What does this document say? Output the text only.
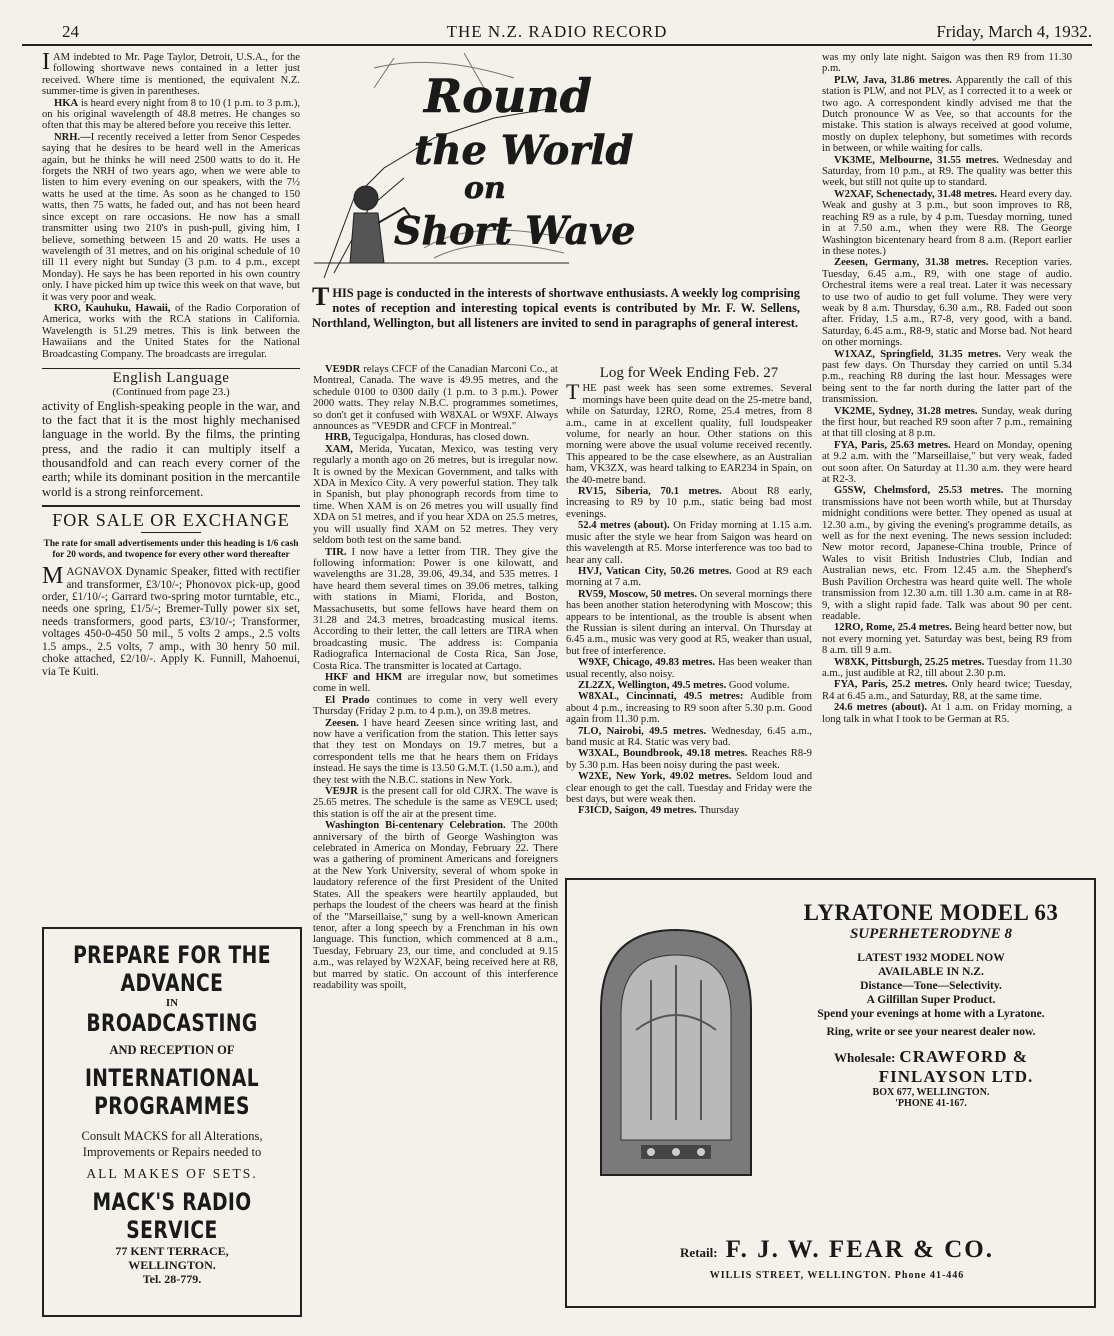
24	THE N.Z. RADIO RECORD	Friday, March 4, 1932.

IAM indebted to Mr. Page Taylor, Detroit, U.S.A., for the following shortwave news contained in a letter just received. Where time is mentioned, the equivalent N.Z. summer-time is given in parentheses.

HKA is heard every night from 8 to 10 (1 p.m. to 3 p.m.), on his original wavelength of 48.8 metres. He changes so often that this may be altered before you receive this letter.

NRH.—I recently received a letter from Senor Cespedes saying that he desires to be heard well in the Americas again, but he thinks he will need 2500 watts to do it. He forgets the NRH of two years ago, when we were able to listen to him every evening on our speakers, with the 7½ watts he used at the time. As soon as he changed to 150 watts, then 75 watts, he faded out, and has not been heard since except on rare occasions. He now has a small transmitter using two 210's in push-pull, giving him, I believe, something between 15 and 20 watts. He uses a wavelength of 31 metres, and on his original schedule of 10 till 11 every night but Sunday (3 p.m. to 4 p.m., except Monday). He says he has been reported in his own country only. I have picked him up twice this week on that wave, but it was very poor and weak.

KRO, Kauhuku, Hawaii, of the Radio Corporation of America, works with the RCA stations in California. Wavelength is 51.29 metres. This is link between the Hawaiians and the United States for the National Broadcasting Company. The broadcasts are irregular.

English Language
(Continued from page 23.)

activity of English-speaking people in the war, and to the fact that it is the most highly mechanised language in the world. By the films, the printing press, and the radio it can multiply itself a thousandfold and can reach every corner of the earth; while its dominant position in the mercantile world is a strong reinforcement.

FOR SALE OR EXCHANGE
The rate for small advertisements under this heading is 1/6 cash for 20 words, and twopence for every other word thereafter

MAGNAVOX Dynamic Speaker, fitted with rectifier and transformer, £3/10/-; Phonovox pick-up, good order, £1/10/-; Garrard two-spring motor turntable, etc., needs one spring, £1/5/-; Bremer-Tully power six set, needs transformers, good parts, £3/10/-; Transformer, voltages 450-0-450 50 mil., 5 volts 2 amps., 2.5 volts 1.5 amps., 2.5 volts, 7 amp., with 30 henry 50 mil. choke attached, £2/10/-. Apply K. Funnill, Mahoenui, via Te Kuiti.

PREPARE FOR THE
ADVANCE
IN
BROADCASTING
AND RECEPTION OF
INTERNATIONAL
PROGRAMMES
Consult MACKS for all Alterations, Improvements or Repairs needed to
ALL MAKES OF SETS.
MACK'S RADIO SERVICE
77 KENT TERRACE,
WELLINGTON.
Tel. 28-779.
Round
the World
on
Short Wave
THIS page is conducted in the interests of shortwave enthusiasts. A weekly log comprising notes of reception and interesting topical events is contributed by Mr. F. W. Sellens, Northland, Wellington, but all listeners are invited to send in paragraphs of general interest.

VE9DR relays CFCF of the Canadian Marconi Co., at Montreal, Canada. The wave is 49.95 metres, and the schedule 0100 to 0300 daily (1 p.m. to 3 p.m.). Power 2000 watts. They relay N.B.C. programmes sometimes, so don't get it confused with W8XAL or W9XF. Always announces as "VE9DR and CFCF in Montreal."

HRB, Tegucigalpa, Honduras, has closed down.

XAM, Merida, Yucatan, Mexico, was testing very regularly a month ago on 26 metres, but is irregular now. It is owned by the Mexican Government, and talks with XDA in Mexico City. A very powerful station. They talk in Spanish, but play phonograph records from time to time. When XAM is on 26 metres you will usually find XDA on 51 metres, and if you hear XDA on 25.5 metres, you will usually find XAM on 52 metres. They very seldom both test on the same band.

TIR. I now have a letter from TIR. They give the following information: Power is one kilowatt, and wavelengths are 31.28, 39.06, 49.34, and 535 metres. I have heard them several times on 39.06 metres, talking with stations in Miami, Florida, and Boston, Massachusetts, but some fellows have heard them on 31.28 and 24.3 metres, broadcasting musical items. According to their letter, the call letters are TIRA when broadcasting music. The address is: Compania Radiografica Internacional de Costa Rica, San Jose, Costa Rica. The transmitter is located at Cartago.

HKF and HKM are irregular now, but sometimes come in well.

El Prado continues to come in very well every Thursday (Friday 2 p.m. to 4 p.m.), on 39.8 metres.

Zeesen. I have heard Zeesen since writing last, and now have a verification from the station. This letter says that they test on Mondays on 19.7 metres, but a correspondent tells me that he hears them on Fridays instead. He says the time is 13.50 G.M.T. (1.50 a.m.), and they test with the N.B.C. stations in New York.

VE9JR is the present call for old CJRX. The wave is 25.65 metres. The schedule is the same as VE9CL used; this station is off the air at the present time.

Washington Bi-centenary Celebration. The 200th anniversary of the birth of George Washington was celebrated in America on Monday, February 22. There was a gathering of prominent Americans and foreigners at the New York University, several of whom spoke in laudatory reference of the first President of the United States. All the speakers were heartily applauded, but perhaps the loudest of the cheers was heard at the finish of the "Marseillaise," sung by a well-known American tenor, after a long speech by a Frenchman in his own language. This function, which commenced at 8 a.m., Tuesday, February 23, our time, and concluded at 9.15 a.m., was relayed by W2XAF, being received here at R8, but marred by static. On account of this interference readability was spoilt,

Log for Week Ending Feb. 27

THE past week has seen some extremes. Several mornings have been quite dead on the 25-metre band, while on Saturday, 12RO, Rome, 25.4 metres, from 8 a.m., came in at excellent quality, full loudspeaker volume, for nearly an hour. Other stations on this morning were above the usual volume received recently. This appeared to be the case elsewhere, as an Australian ham, VK3ZX, was heard talking to EAR234 in Spain, on the 40-metre band.

RV15, Siberia, 70.1 metres. About R8 early, increasing to R9 by 10 p.m., static being bad most evenings.

52.4 metres (about). On Friday morning at 1.15 a.m. music after the style we hear from Saigon was heard on this wavelength at R5. Morse interference was too bad to hear any call.

HVJ, Vatican City, 50.26 metres. Good at R9 each morning at 7 a.m.

RV59, Moscow, 50 metres. On several mornings there has been another station heterodyning with Moscow; this appears to be intentional, as the trouble is absent when the Russian is silent during an interval. On Thursday at 6.45 a.m., music was very good at R5, weaker than usual, but free of interference.

W9XF, Chicago, 49.83 metres. Has been weaker than usual recently, also noisy.

ZL2ZX, Wellington, 49.5 metres. Good volume.

W8XAL, Cincinnati, 49.5 metres: Audible from about 4 p.m., increasing to R9 soon after 5.30 p.m. Good again from 11.30 p.m.

7LO, Nairobi, 49.5 metres. Wednesday, 6.45 a.m., band music at R4. Static was very bad.

W3XAL, Boundbrook, 49.18 metres. Reaches R8-9 by 5.30 p.m. Has been noisy during the past week.

W2XE, New York, 49.02 metres. Seldom loud and clear enough to get the call. Tuesday and Friday were the best days, but were weak then.

F3ICD, Saigon, 49 metres. Thursday

was my only late night. Saigon was then R9 from 11.30 p.m.

PLW, Java, 31.86 metres. Apparently the call of this station is PLW, and not PLV, as I corrected it to a week or two ago. A correspondent kindly advised me that the Dutch pronounce W as Vee, so that accounts for the mistake. This station is always received at good volume, mostly on duplex telephony, but sometimes with records in between, or while waiting for calls.

VK3ME, Melbourne, 31.55 metres. Wednesday and Saturday, from 10 p.m., at R9. The quality was better this week, but still not quite up to standard.

W2XAF, Schenectady, 31.48 metres. Heard every day. Weak and gushy at 3 p.m., but soon improves to R8, reaching R9 as a rule, by 4 p.m. Tuesday morning, tuned in at 7.50 a.m., when they were R8. The George Washington bicentenary heard from 8 a.m. (Report earlier in these notes.)

Zeesen, Germany, 31.38 metres. Reception varies. Tuesday, 6.45 a.m., R9, with one stage of audio. Orchestral items were a real treat. Later it was necessary to use two of audio to get full volume. They were very weak by 8 a.m. Thursday, 6.30 a.m., R8. Faded out soon after. Friday, 1.5 a.m., R7-8, very good, with a band. Saturday, 6.45 a.m., R8-9, static and Morse bad. Not heard on other mornings.

W1XAZ, Springfield, 31.35 metres. Very weak the past few days. On Thursday they carried on until 5.34 p.m., reaching R8 during the last hour. Messages were being sent to the far north during the latter part of the transmission.

VK2ME, Sydney, 31.28 metres. Sunday, weak during the first hour, but reached R9 soon after 7 p.m., remaining at that till closing at 8 p.m.

FYA, Paris, 25.63 metres. Heard on Monday, opening at 9.2 a.m. with the "Marseillaise," but very weak, faded out soon after. On Saturday at 11.30 a.m. they were heard at R2-3.

G5SW, Chelmsford, 25.53 metres. The morning transmissions have not been worth while, but at Thursday midnight conditions were better. They opened as usual at 12.30 a.m., by giving the evening's programme details, as well as for the next evening. The news session included: New motor record, Japanese-China trouble, Prince of Wales to visit British Industries Club, Indian and Australian news, etc. From 12.45 a.m. the Shepherd's Bush Pavilion Orchestra was heard quite well. The whole transmission from 12.30 a.m. till 1.30 a.m. came in at R8-9, with a slight rapid fade. Talk was about 90 per cent. readable.

12RO, Rome, 25.4 metres. Being heard better now, but not every morning yet. Saturday was best, being R9 from 8 a.m. till 9 a.m.

W8XK, Pittsburgh, 25.25 metres. Tuesday from 11.30 a.m., just audible at R2, till about 2.30 p.m.

FYA, Paris, 25.2 metres. Only heard twice; Tuesday, R4 at 6.45 a.m., and Saturday, R8, at the same time.

24.6 metres (about). At 1 a.m. on Friday morning, a long talk in what I took to be German at R5.

LYRATONE MODEL 63
SUPERHETERODYNE 8
LATEST 1932 MODEL NOW
AVAILABLE IN N.Z.
Distance—Tone—Selectivity.
A Gilfillan Super Product.
Spend your evenings at home with a Lyratone.
Ring, write or see your nearest dealer now.
Wholesale: CRAWFORD &
FINLAYSON LTD.
BOX 677, WELLINGTON.
'PHONE 41-167.
Retail: F. J. W. FEAR & CO.
WILLIS STREET, WELLINGTON. Phone 41-446
